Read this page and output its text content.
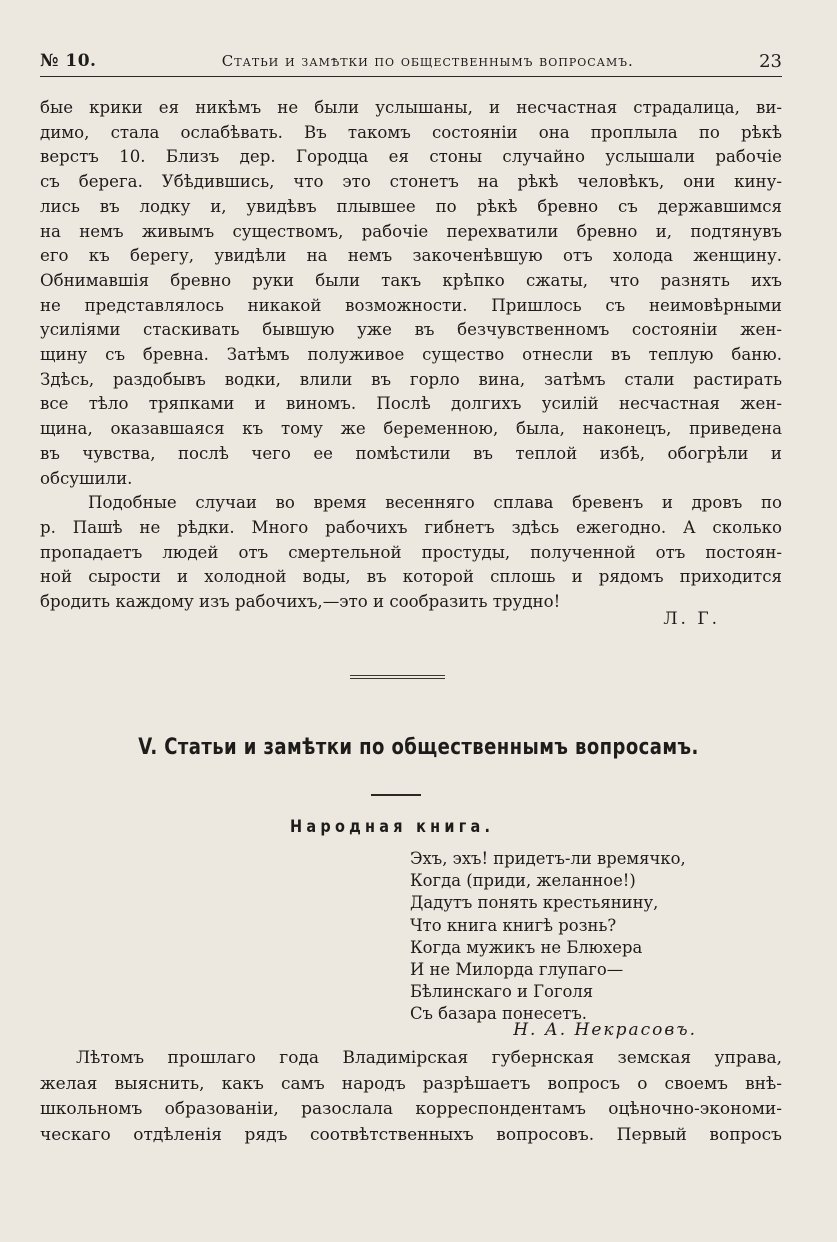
№ 10.	Статьи и замѣтки по общественнымъ вопросамъ.	23
бые крики ея никѣмъ не были услышаны, и несчастная страдалица, ви-
димо, стала ослабѣвать. Въ такомъ состояніи она проплыла по рѣкѣ
верстъ 10. Близъ дер. Городца ея стоны случайно услышали рабочіе
съ берега. Убѣдившись, что это стонетъ на рѣкѣ человѣкъ, они кину-
лись въ лодку и, увидѣвъ плывшее по рѣкѣ бревно съ державшимся
на немъ живымъ существомъ, рабочіе перехватили бревно и, подтянувъ
его къ берегу, увидѣли на немъ закоченѣвшую отъ холода женщину.
Обнимавшія бревно руки были такъ крѣпко сжаты, что разнять ихъ
не представлялось никакой возможности. Пришлось съ неимовѣрными
усиліями стаскивать бывшую уже въ безчувственномъ состояніи жен-
щину съ бревна. Затѣмъ полуживое существо отнесли въ теплую баню.
Здѣсь, раздобывъ водки, влили въ горло вина, затѣмъ стали растирать
все тѣло тряпками и виномъ. Послѣ долгихъ усилій несчастная жен-
щина, оказавшаяся къ тому же беременною, была, наконецъ, приведена
въ чувства, послѣ чего ее помѣстили въ теплой избѣ, обогрѣли и
обсушили.
Подобные случаи во время весенняго сплава бревенъ и дровъ по
р. Пашѣ не рѣдки. Много рабочихъ гибнетъ здѣсь ежегодно. А сколько
пропадаетъ людей отъ смертельной простуды, полученной отъ постоян-
ной сырости и холодной воды, въ которой сплошь и рядомъ приходится
бродить каждому изъ рабочихъ,—это и сообразить трудно!
Л. Г.
V. Статьи и замѣтки по общественнымъ вопросамъ.
Народная книга.
Эхъ, эхъ! придетъ-ли времячко,
Когда (приди, желанное!)
Дадутъ понять крестьянину,
Что книга книгѣ рознь?
Когда мужикъ не Блюхера
И не Милорда глупаго—
Бѣлинскаго и Гоголя
Съ базара понесетъ.
Н. А. Некрасовъ.
Лѣтомъ прошлаго года Владимірская губернская земская управа,
желая выяснить, какъ самъ народъ разрѣшаетъ вопросъ о своемъ внѣ-
школьномъ образованіи, разослала корреспондентамъ оцѣночно-экономи-
ческаго отдѣленія рядъ соотвѣтственныхъ вопросовъ. Первый вопросъ
